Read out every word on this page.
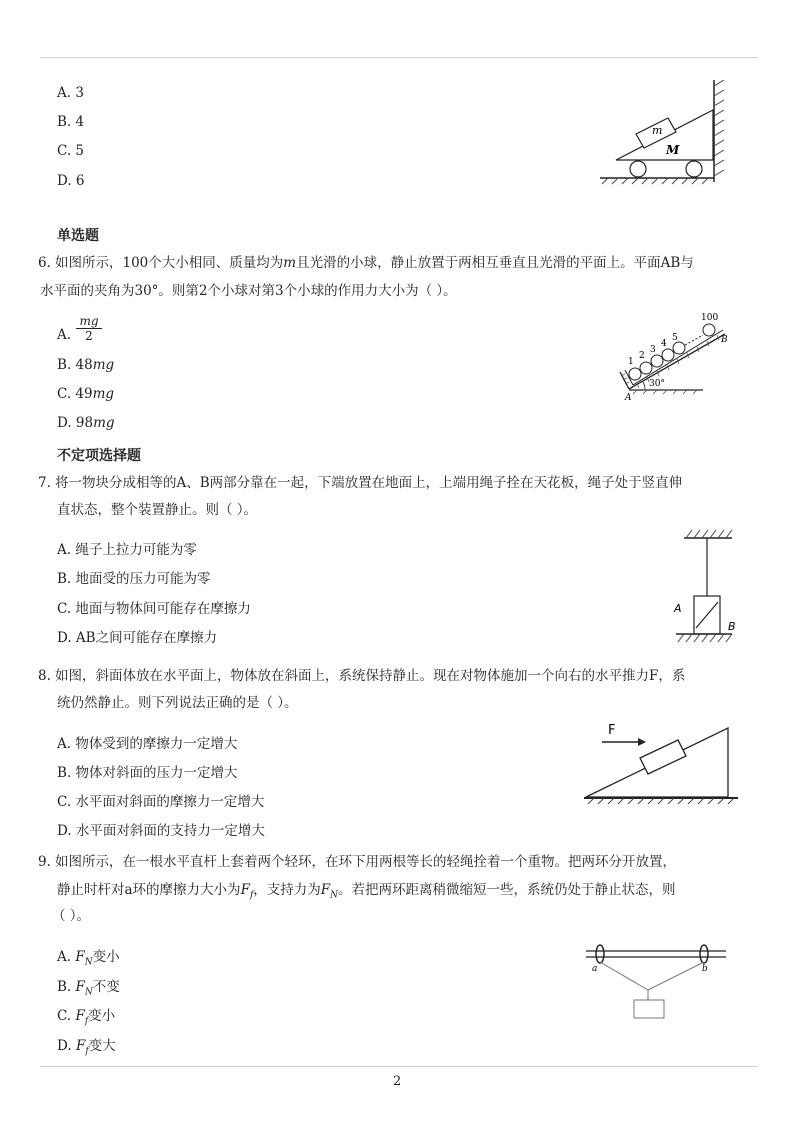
A. 3
B. 4
C. 5
D. 6
m
M
单选题
6. 如图所示，100个大小相同、质量均为m且光滑的小球，静止放置于两相互垂直且光滑的平面上。平面AB与
水平面的夹角为30°。则第2个小球对第3个小球的作用力大小为（ ）。
A. $\frac{mg}{2}$
B. 48mg
C. 49mg
D. 98mg
1
2
3
4
5
100
B
A
30°
不定项选择题
7. 将一物块分成相等的A、B两部分靠在一起，下端放置在地面上，上端用绳子拴在天花板，绳子处于竖直伸
直状态，整个装置静止。则（ ）。
A. 绳子上拉力可能为零
B. 地面受的压力可能为零
C. 地面与物体间可能存在摩擦力
D. AB之间可能存在摩擦力
A
B
8. 如图，斜面体放在水平面上，物体放在斜面上，系统保持静止。现在对物体施加一个向右的水平推力F，系
统仍然静止。则下列说法正确的是（ ）。
A. 物体受到的摩擦力一定增大
B. 物体对斜面的压力一定增大
C. 水平面对斜面的摩擦力一定增大
D. 水平面对斜面的支持力一定增大
F
9. 如图所示，在一根水平直杆上套着两个轻环，在环下用两根等长的轻绳拴着一个重物。把两环分开放置，
静止时杆对a环的摩擦力大小为$F_f$，支持力为$F_N$。若把两环距离稍微缩短一些，系统仍处于静止状态，则
（ ）。
A. $F_N$变小
B. $F_N$不变
C. $F_f$变小
D. $F_f$变大
a	b
2
